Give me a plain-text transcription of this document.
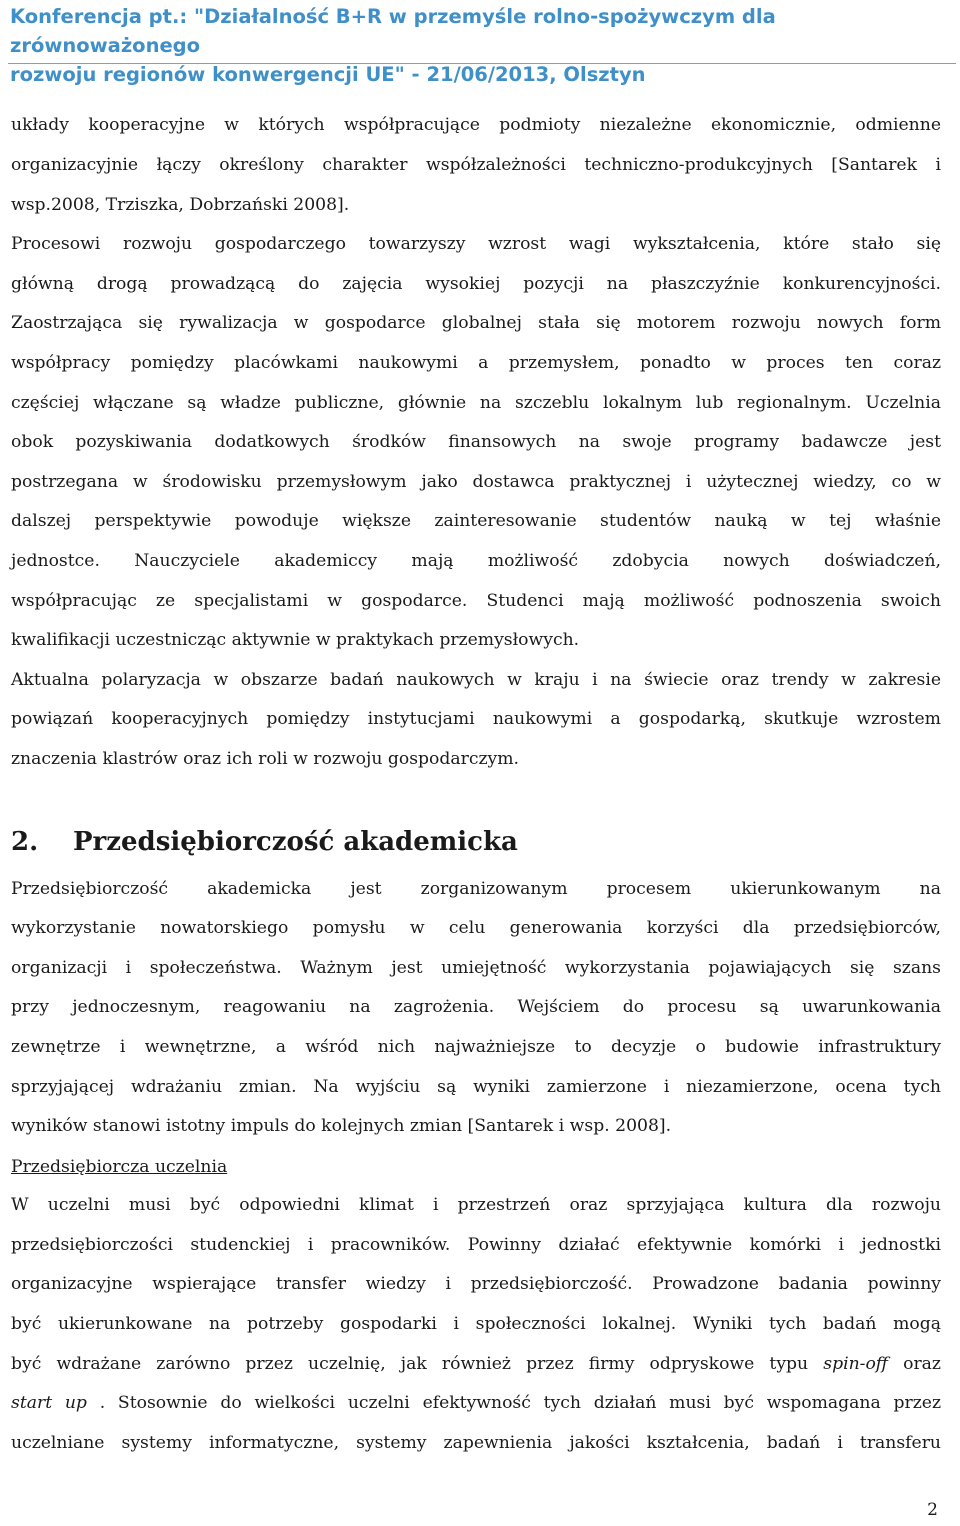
Konferencja pt.: "Działalność B+R w przemyśle rolno-spożywczym dla zrównoważonego
rozwoju regionów konwergencji UE" - 21/06/2013, Olsztyn

układy kooperacyjne w których współpracujące podmioty niezależne ekonomicznie, odmienne

organizacyjnie łączy określony charakter współzależności techniczno-produkcyjnych [Santarek i

wsp.2008, Trziszka, Dobrzański 2008].

Procesowi rozwoju gospodarczego towarzyszy wzrost wagi wykształcenia, które stało się

główną drogą prowadzącą do zajęcia wysokiej pozycji na płaszczyźnie konkurencyjności.

Zaostrzająca się rywalizacja w gospodarce globalnej stała się motorem rozwoju nowych form

współpracy pomiędzy placówkami naukowymi a przemysłem, ponadto w proces ten coraz

częściej włączane są władze publiczne, głównie na szczeblu lokalnym lub regionalnym. Uczelnia

obok pozyskiwania dodatkowych środków finansowych na swoje programy badawcze jest

postrzegana w środowisku przemysłowym jako dostawca praktycznej i użytecznej wiedzy, co w

dalszej perspektywie powoduje większe zainteresowanie studentów nauką w tej właśnie

jednostce. Nauczyciele akademiccy mają możliwość zdobycia nowych doświadczeń,

współpracując ze specjalistami w gospodarce. Studenci mają możliwość podnoszenia swoich

kwalifikacji uczestnicząc aktywnie w praktykach przemysłowych.

Aktualna polaryzacja w obszarze badań naukowych w kraju i na świecie oraz trendy w zakresie

powiązań kooperacyjnych pomiędzy instytucjami naukowymi a gospodarką, skutkuje wzrostem

znaczenia klastrów oraz ich roli w rozwoju gospodarczym.

2. Przedsiębiorczość akademicka

Przedsiębiorczość akademicka jest zorganizowanym procesem ukierunkowanym na

wykorzystanie nowatorskiego pomysłu w celu generowania korzyści dla przedsiębiorców,

organizacji i społeczeństwa. Ważnym jest umiejętność wykorzystania pojawiających się szans

przy jednoczesnym, reagowaniu na zagrożenia. Wejściem do procesu są uwarunkowania

zewnętrze i wewnętrzne, a wśród nich najważniejsze to decyzje o budowie infrastruktury

sprzyjającej wdrażaniu zmian. Na wyjściu są wyniki zamierzone i niezamierzone, ocena tych

wyników stanowi istotny impuls do kolejnych zmian [Santarek i wsp. 2008].

Przedsiębiorcza uczelnia

W uczelni musi być odpowiedni klimat i przestrzeń oraz sprzyjająca kultura dla rozwoju

przedsiębiorczości studenckiej i pracowników. Powinny działać efektywnie komórki i jednostki

organizacyjne wspierające transfer wiedzy i przedsiębiorczość. Prowadzone badania powinny

być ukierunkowane na potrzeby gospodarki i społeczności lokalnej. Wyniki tych badań mogą

być wdrażane zarówno przez uczelnię, jak również przez firmy odpryskowe typu spin-off oraz

start up . Stosownie do wielkości uczelni efektywność tych działań musi być wspomagana przez

uczelniane systemy informatyczne, systemy zapewnienia jakości kształcenia, badań i transferu

2
